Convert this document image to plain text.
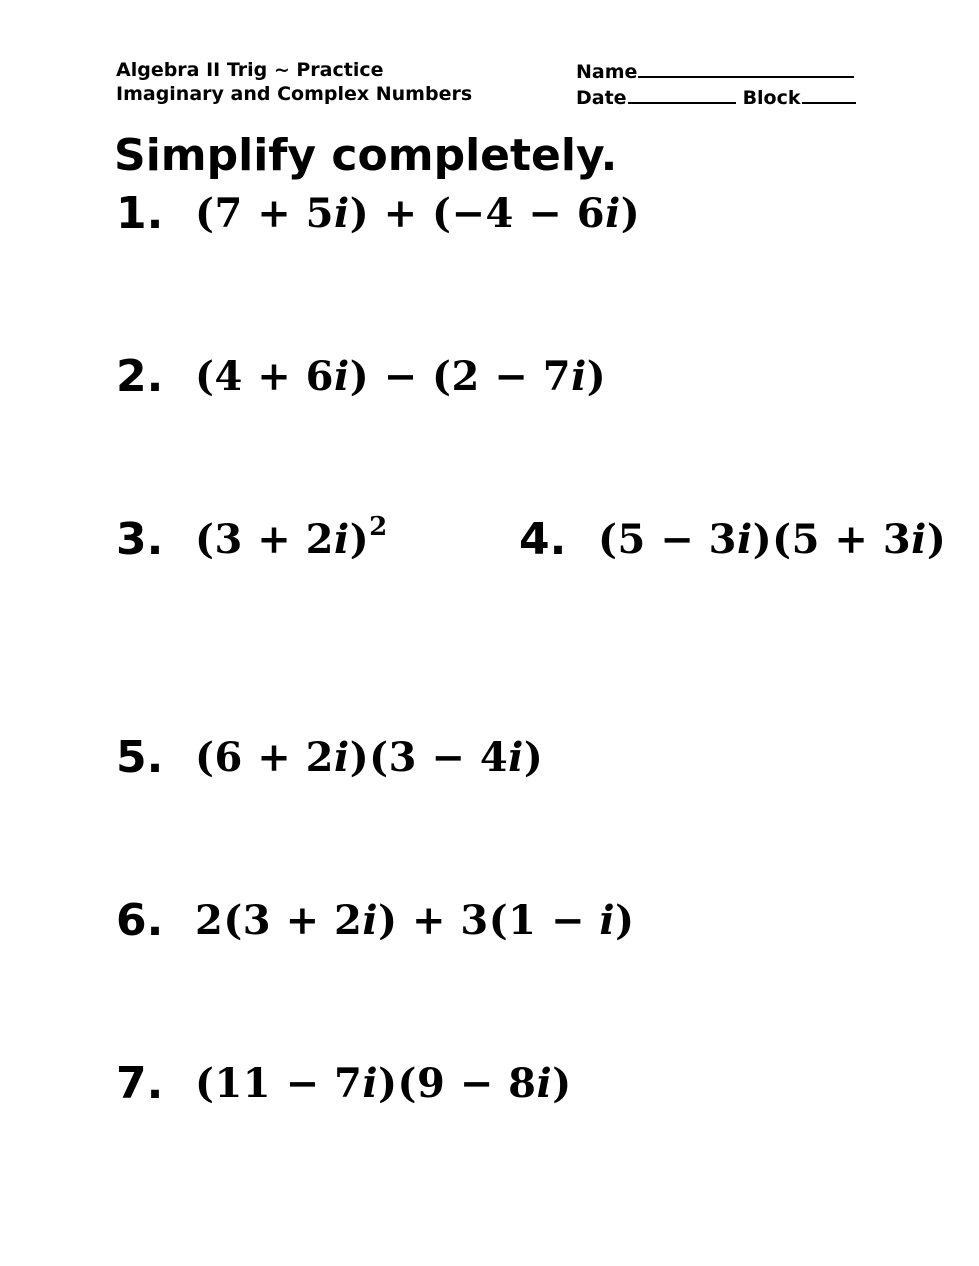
Algebra II Trig ~ Practice
Imaginary and Complex Numbers
Name
Date	Block
Simplify completely.
1. (7 + 5i) + (−4 − 6i)
2. (4 + 6i) − (2 − 7i)
3. $(3 + 2i)^2$	4. (5 − 3i)(5 + 3i)
5. (6 + 2i)(3 − 4i)
6. 2(3 + 2i) + 3(1 − i)
7. (11 − 7i)(9 − 8i)
